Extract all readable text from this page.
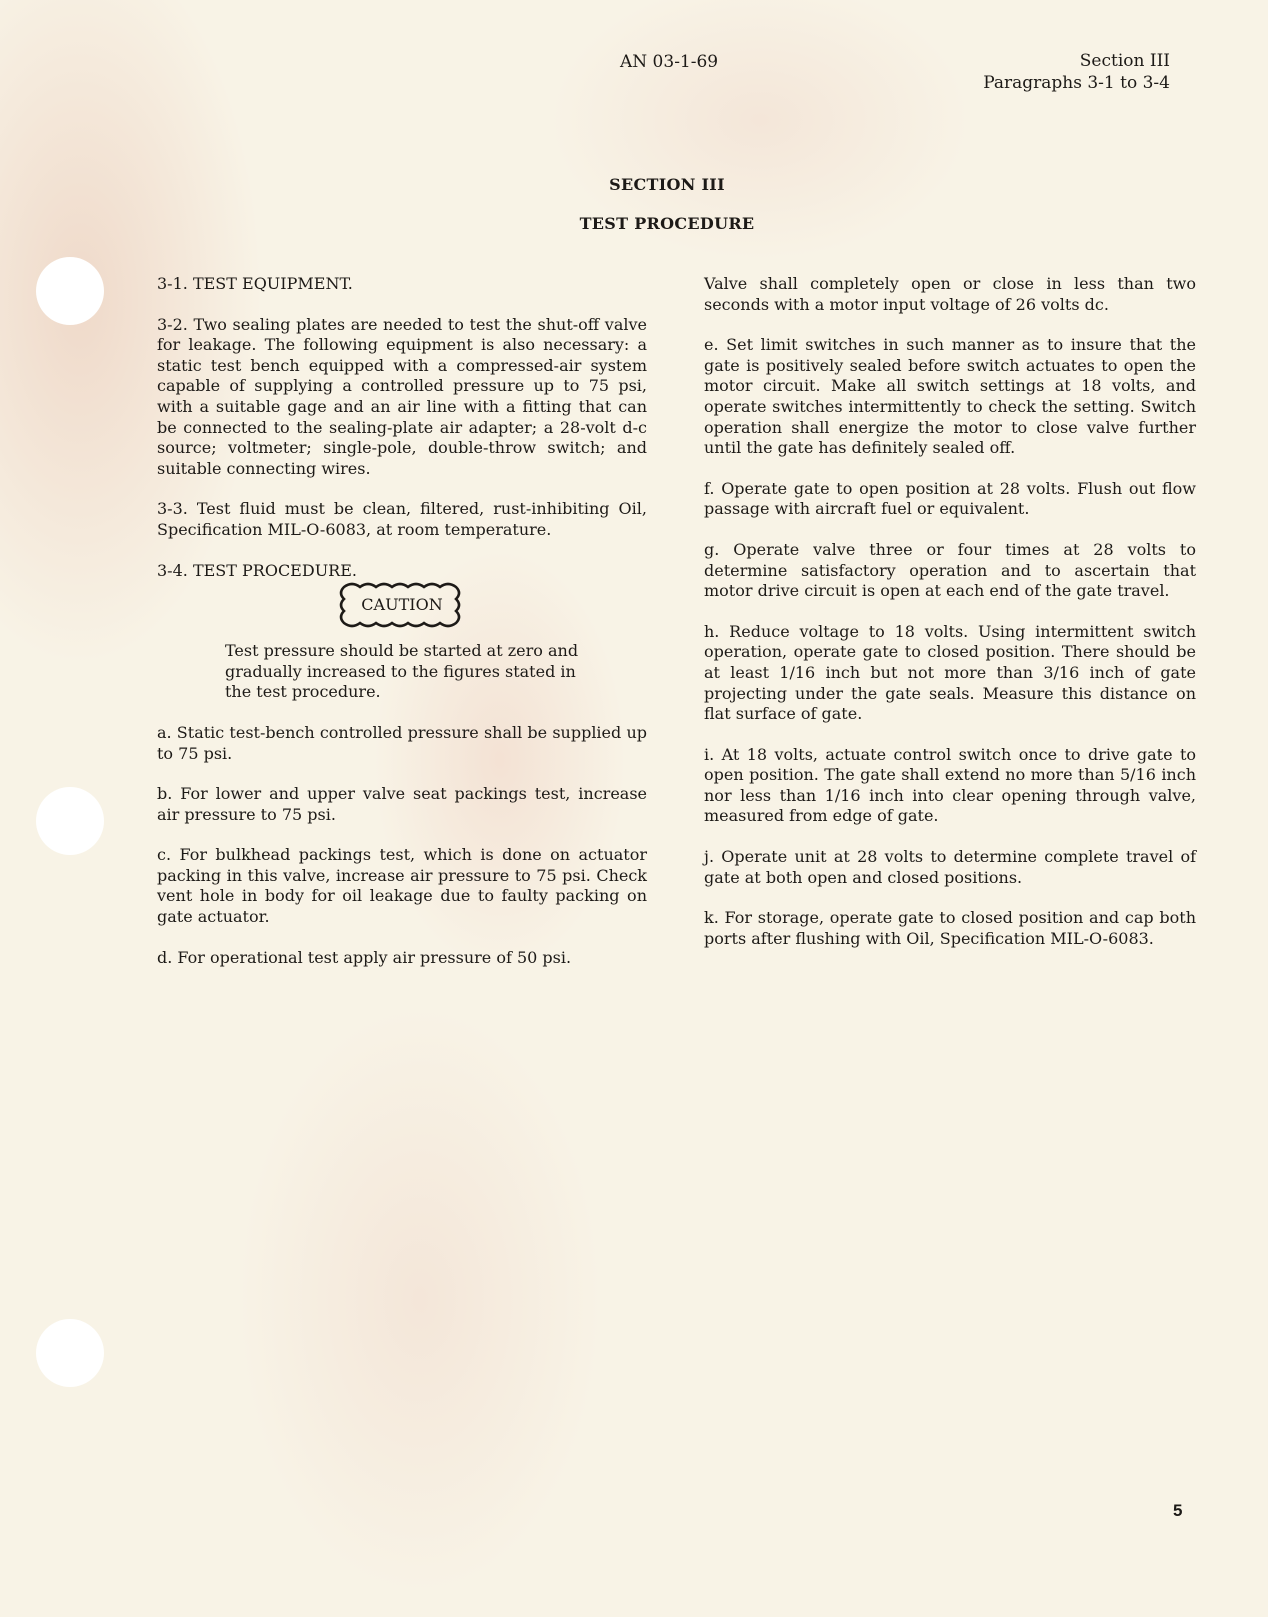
AN 03-1-69	Section III
Paragraphs 3-1 to 3-4
SECTION III
TEST PROCEDURE

3-1. TEST EQUIPMENT.

3-2. Two sealing plates are needed to test the shut-off valve for leakage. The following equipment is also necessary: a static test bench equipped with a compressed-air system capable of supplying a controlled pressure up to 75 psi, with a suitable gage and an air line with a fitting that can be connected to the sealing-plate air adapter; a 28-volt d-c source; voltmeter; single-pole, double-throw switch; and suitable connecting wires.

3-3. Test fluid must be clean, filtered, rust-inhibiting Oil, Specification MIL-O-6083, at room temperature.

3-4. TEST PROCEDURE.

CAUTION

Test pressure should be started at zero and gradually increased to the figures stated in the test procedure.

a. Static test-bench controlled pressure shall be supplied up to 75 psi.

b. For lower and upper valve seat packings test, increase air pressure to 75 psi.

c. For bulkhead packings test, which is done on actuator packing in this valve, increase air pressure to 75 psi. Check vent hole in body for oil leakage due to faulty packing on gate actuator.

d. For operational test apply air pressure of 50 psi.

Valve shall completely open or close in less than two seconds with a motor input voltage of 26 volts dc.

e. Set limit switches in such manner as to insure that the gate is positively sealed before switch actuates to open the motor circuit. Make all switch settings at 18 volts, and operate switches intermittently to check the setting. Switch operation shall energize the motor to close valve further until the gate has definitely sealed off.

f. Operate gate to open position at 28 volts. Flush out flow passage with aircraft fuel or equivalent.

g. Operate valve three or four times at 28 volts to determine satisfactory operation and to ascertain that motor drive circuit is open at each end of the gate travel.

h. Reduce voltage to 18 volts. Using intermittent switch operation, operate gate to closed position. There should be at least 1/16 inch but not more than 3/16 inch of gate projecting under the gate seals. Measure this distance on flat surface of gate.

i. At 18 volts, actuate control switch once to drive gate to open position. The gate shall extend no more than 5/16 inch nor less than 1/16 inch into clear opening through valve, measured from edge of gate.

j. Operate unit at 28 volts to determine complete travel of gate at both open and closed positions.

k. For storage, operate gate to closed position and cap both ports after flushing with Oil, Specification MIL-O-6083.

5
